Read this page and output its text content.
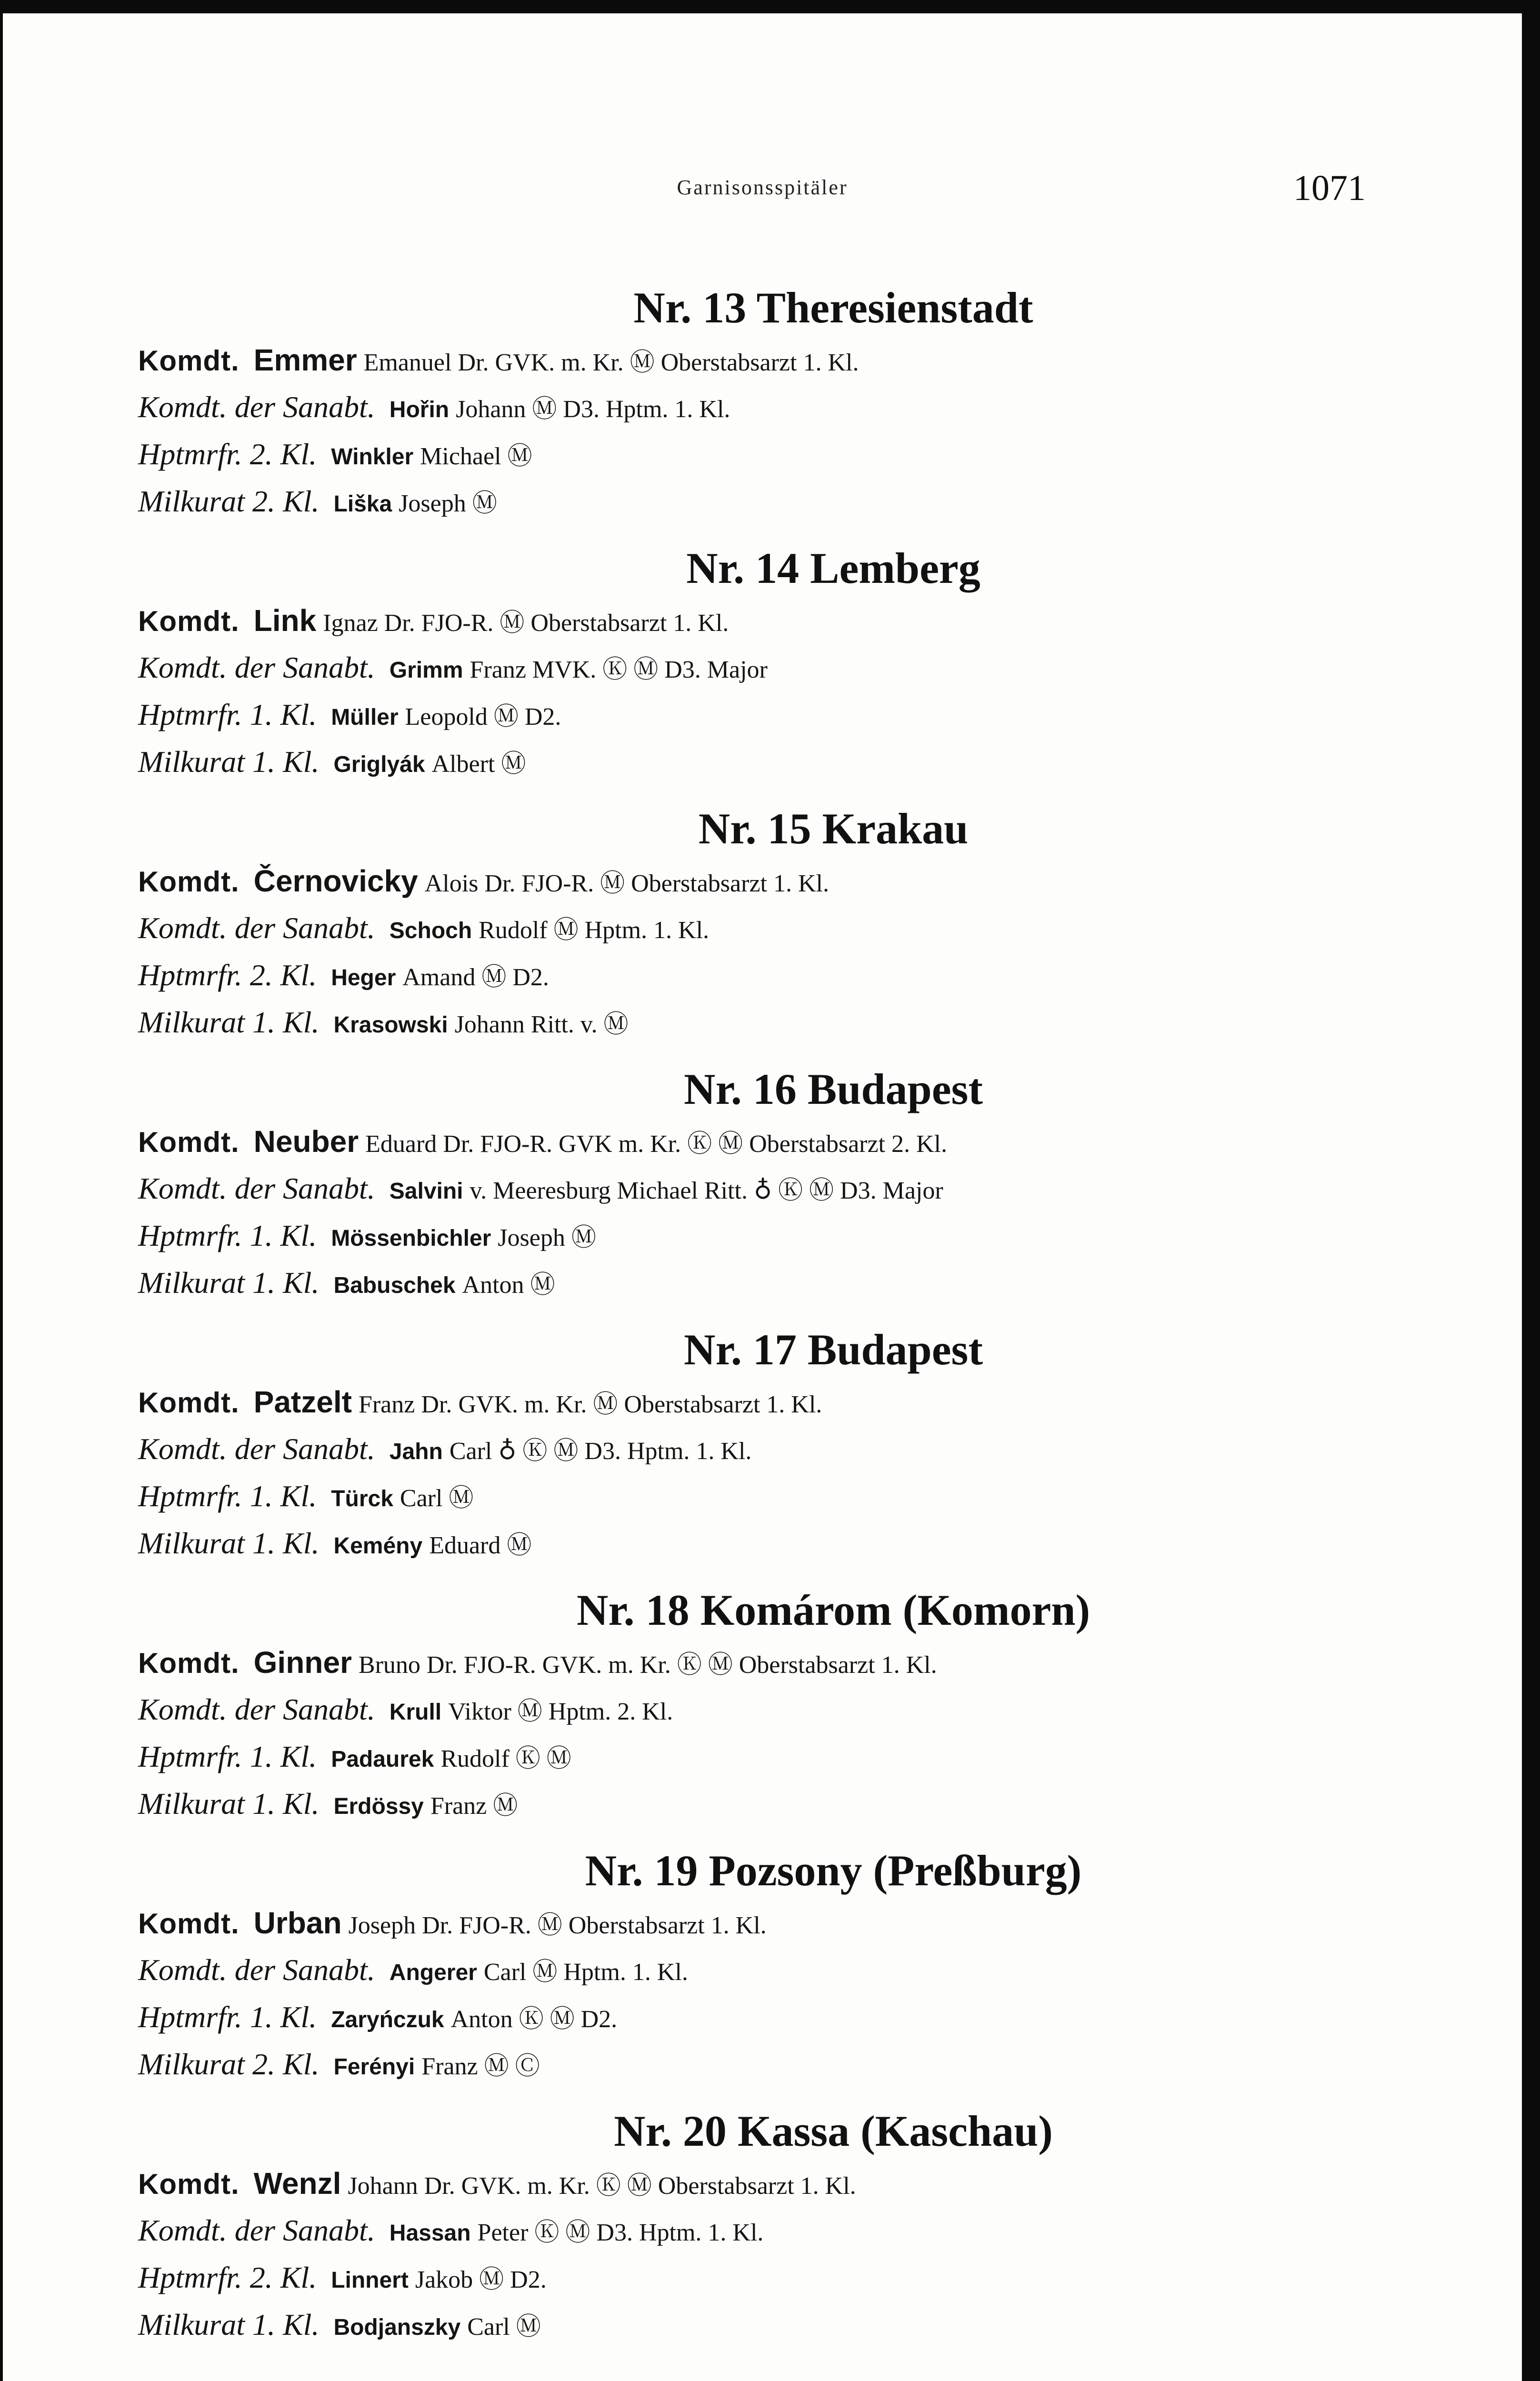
Garnisonsspitäler	1071
Nr. 13 Theresienstadt
Komdt. Emmer Emanuel Dr. GVK. m. Kr. Ⓜ Oberstabsarzt 1. Kl.
Komdt. der Sanabt. Hořin Johann Ⓜ D3. Hptm. 1. Kl.
Hptmrfr. 2. Kl. Winkler Michael Ⓜ
Milkurat 2. Kl. Liška Joseph Ⓜ
Nr. 14 Lemberg
Komdt. Link Ignaz Dr. FJO-R. Ⓜ Oberstabsarzt 1. Kl.
Komdt. der Sanabt. Grimm Franz MVK. Ⓚ Ⓜ D3. Major
Hptmrfr. 1. Kl. Müller Leopold Ⓜ D2.
Milkurat 1. Kl. Griglyák Albert Ⓜ
Nr. 15 Krakau
Komdt. Černovicky Alois Dr. FJO-R. Ⓜ Oberstabsarzt 1. Kl.
Komdt. der Sanabt. Schoch Rudolf Ⓜ Hptm. 1. Kl.
Hptmrfr. 2. Kl. Heger Amand Ⓜ D2.
Milkurat 1. Kl. Krasowski Johann Ritt. v. Ⓜ
Nr. 16 Budapest
Komdt. Neuber Eduard Dr. FJO-R. GVK m. Kr. Ⓚ Ⓜ Oberstabsarzt 2. Kl.
Komdt. der Sanabt. Salvini v. Meeresburg Michael Ritt. ♁ Ⓚ Ⓜ D3. Major
Hptmrfr. 1. Kl. Mössenbichler Joseph Ⓜ
Milkurat 1. Kl. Babuschek Anton Ⓜ
Nr. 17 Budapest
Komdt. Patzelt Franz Dr. GVK. m. Kr. Ⓜ Oberstabsarzt 1. Kl.
Komdt. der Sanabt. Jahn Carl ♁ Ⓚ Ⓜ D3. Hptm. 1. Kl.
Hptmrfr. 1. Kl. Türck Carl Ⓜ
Milkurat 1. Kl. Kemény Eduard Ⓜ
Nr. 18 Komárom (Komorn)
Komdt. Ginner Bruno Dr. FJO-R. GVK. m. Kr. Ⓚ Ⓜ Oberstabsarzt 1. Kl.
Komdt. der Sanabt. Krull Viktor Ⓜ Hptm. 2. Kl.
Hptmrfr. 1. Kl. Padaurek Rudolf Ⓚ Ⓜ
Milkurat 1. Kl. Erdössy Franz Ⓜ
Nr. 19 Pozsony (Preßburg)
Komdt. Urban Joseph Dr. FJO-R. Ⓜ Oberstabsarzt 1. Kl.
Komdt. der Sanabt. Angerer Carl Ⓜ Hptm. 1. Kl.
Hptmrfr. 1. Kl. Zaryńczuk Anton Ⓚ Ⓜ D2.
Milkurat 2. Kl. Ferényi Franz Ⓜ Ⓒ
Nr. 20 Kassa (Kaschau)
Komdt. Wenzl Johann Dr. GVK. m. Kr. Ⓚ Ⓜ Oberstabsarzt 1. Kl.
Komdt. der Sanabt. Hassan Peter Ⓚ Ⓜ D3. Hptm. 1. Kl.
Hptmrfr. 2. Kl. Linnert Jakob Ⓜ D2.
Milkurat 1. Kl. Bodjanszky Carl Ⓜ
